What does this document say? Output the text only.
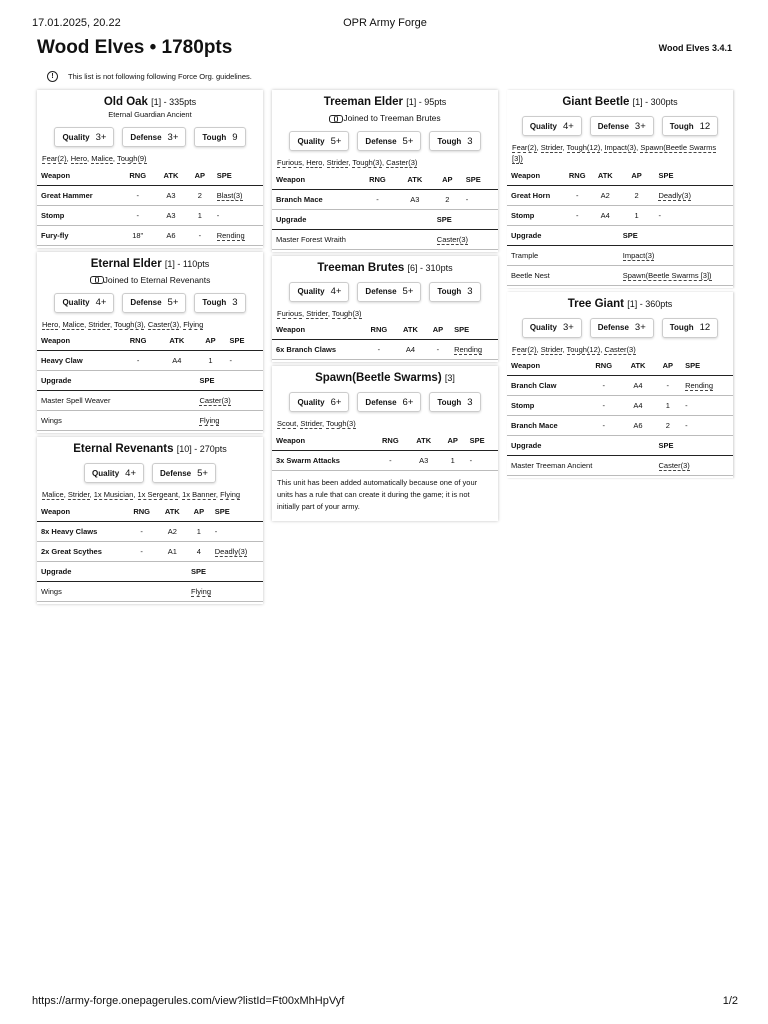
17.01.2025, 20.22	OPR Army Forge
Wood Elves • 1780pts	Wood Elves 3.4.1
!	This list is not following following Force Org. guidelines.
Old Oak [1] - 335pts
Eternal Guardian Ancient
Quality 3+	Defense 3+	Tough 9
Fear(2), Hero, Malice, Tough(9)
Weapon	RNG	ATK	AP	SPE
Great Hammer	-	A3	2	Blast(3)
Stomp	-	A3	1	-
Fury-fly	18"	A6	-	Rending
Eternal Elder [1] - 110pts
Joined to Eternal Revenants
Quality 4+	Defense 5+	Tough 3
Hero, Malice, Strider, Tough(3), Caster(3), Flying
Weapon	RNG	ATK	AP	SPE
Heavy Claw	-	A4	1	-
Upgrade			SPE	
Master Spell Weaver			Caster(3)	
Wings			Flying	
Eternal Revenants [10] - 270pts
Quality 4+	Defense 5+
Malice, Strider, 1x Musician, 1x Sergeant, 1x Banner, Flying
Weapon	RNG	ATK	AP	SPE
8x Heavy Claws	-	A2	1	-
2x Great Scythes	-	A1	4	Deadly(3)
Upgrade			SPE	
Wings			Flying	
Treeman Elder [1] - 95pts
Joined to Treeman Brutes
Quality 5+	Defense 5+	Tough 3
Furious, Hero, Strider, Tough(3), Caster(3)
Weapon	RNG	ATK	AP	SPE
Branch Mace	-	A3	2	-
Upgrade			SPE	
Master Forest Wraith			Caster(3)	
Treeman Brutes [6] - 310pts
Quality 4+	Defense 5+	Tough 3
Furious, Strider, Tough(3)
Weapon	RNG	ATK	AP	SPE
6x Branch Claws	-	A4	-	Rending
Spawn(Beetle Swarms) [3]
Quality 6+	Defense 6+	Tough 3
Scout, Strider, Tough(3)
Weapon	RNG	ATK	AP	SPE
3x Swarm Attacks	-	A3	1	-
This unit has been added automatically because one of your units has a rule that can create it during the game; it is not initially part of your army.
Giant Beetle [1] - 300pts
Quality 4+	Defense 3+	Tough 12
Fear(2), Strider, Tough(12), Impact(3), Spawn(Beetle Swarms [3])
Weapon	RNG	ATK	AP	SPE
Great Horn	-	A2	2	Deadly(3)
Stomp	-	A4	1	-
Upgrade			SPE	
Trample			Impact(3)	
Beetle Nest			Spawn(Beetle Swarms [3])	
Tree Giant [1] - 360pts
Quality 3+	Defense 3+	Tough 12
Fear(2), Strider, Tough(12), Caster(3)
Weapon	RNG	ATK	AP	SPE
Branch Claw	-	A4	-	Rending
Stomp	-	A4	1	-
Branch Mace	-	A6	2	-
Upgrade			SPE	
Master Treeman Ancient			Caster(3)	
https://army-forge.onepagerules.com/view?listId=Ft00xMhHpVyf	1/2
